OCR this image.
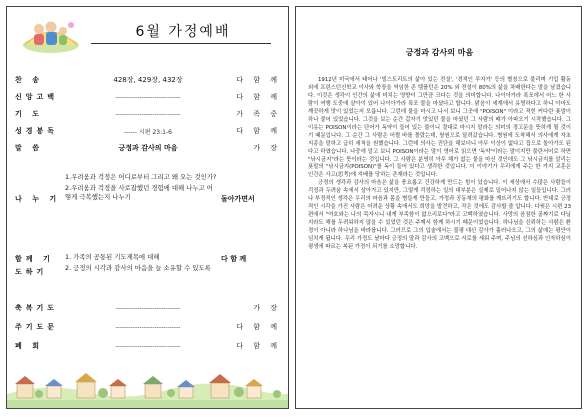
6월 가정예배
찬 송	428장, 429장, 432장	다 함 께
신앙고백	------------------------------	다 함 께
기 도	------------------------------	가 족 중
성경봉독	------ 시편 23:1-6	다 함 께
말 씀	긍정과 감사의 마음	가 장
나 누 기
1.우려움과 걱정은 어디로부터 그리고 왜 오는 것인가?
2.우려움과 걱정을 사로잡했던 경험에 대해 나누고 어떻게 극복했는지 나누기	돌아가면서
함께 기도하기
1. 가족의 공통된 기도제목에 대해
2. 긍정의 시각과 감사의 마음을 늘 소유할 수 있도록
다 함 께
축복기도	------------------------------	가 장
주기도문	------------------------------	다 함 께
폐 회	------------------------------	다 함 께
긍정과 감사의 마음

1912년 미국에서 태어나 '빌스트리트의 삶아 있는 전설', '경적인 투자가' 등의 별칭으로 불리며 기업 활동 외에 프린스턴신학교 이사와 학장을 역임한 존 템플턴은 20% 외 전설이 80%의 삶을 차배한다는 말을 남겼습니다. 이것은 생각이 인간의 삶에 미치는 영향이 그만큼 크다는 것을 의미합니다. 나이아가라 폭포에서 어느 한 사람이 여행 도중에 살아이 있어 나이아가라 폭포 물을 마셨다고 합니다. 맑음이 세계에서 유명하다고 하니 아마도 깨끗하게 맛이 있었는지 모릅니다. 그런데 물을 마시고 나서 보니 그곳에 "POISON" 이라고 적힌 커다란 푯말이 하나 붙어 있었습니다. 그것을 보는 순간 갑자기 맛있던 물을 마셨던 그 사람의 배가 아파오기 시작했습니다. 그 이유는 POISON이라는 단어가 독약이 들어 있는 물이니 절대로 마시지 말라는 의미의 경고문을 뜻하게 될 것이기 때문입니다. 그 순간 그 사람은 어쩔 바를 몰랐는데, 쌍원으로 달려갔습니다. 병원에 도착해서 의사에게 자초지종을 말하고 급히 세척을 원했습니다. 그런데 의사는 진단을 해보더니 아무 이상이 없다고 집으로 돌아가도 된다고 하였습니다. 나중에 알고 보니 POISON이라는 말이 영어로 읽으면 '독약'이라는 말이지만 불란서어로 하면 "낚시금지"라는 뜻이라는 것입니다. 그 사람은 분명히 아무 해가 없는 물을 마신 것인데도 그 낚시금지를 알리는 푯말의 "낚시금지(POISON)"를 독이 들어 있다고 생각한 것입니다. 이 이야기가 우리에게 주는 한 가지 교훈은 인간은 사고(思考)에 지배를 당하는 존재라는 것입니다.

긍정의 생각과 감사의 마음은 삶을 풍요롭고 건강하게 만드는 힘이 있습니다. 이 세상에서 수많은 사람들이 걱정과 두려움 속에서 살아가고 있지만, 그렇게 걱정하는 일의 대부분은 실제로 일어나지 않는 일들입니다. 그러나 부정적인 생각은 우리의 마음과 몸을 병들게 만들고, 가정과 공동체의 평화를 깨뜨리기도 합니다. 반대로 긍정적인 시각을 가진 사람은 어려운 상황 속에서도 희망을 발견하고, 작은 것에도 감사할 줄 압니다. 다윗은 시편 23편에서 "여호와는 나의 목자시니 내게 부족함이 없으리로다"라고 고백하였습니다. 사망의 음침한 골짜기로 다닐지라도 해를 두려워하지 않을 수 있었던 것은 주께서 함께 하시기 때문이었습니다. 하나님을 신뢰하는 사람은 환경이 아니라 하나님을 바라봅니다. 그러므로 그의 입술에서는 불평 대신 감사가 흘러나오고, 그의 삶에는 평안이 넘치게 됩니다. 우리 가정도 날마다 긍정의 말과 감사의 고백으로 서로를 세워 주며, 주님의 선하심과 인자하심이 평생에 따르는 복된 가정이 되기를 소망합니다.
